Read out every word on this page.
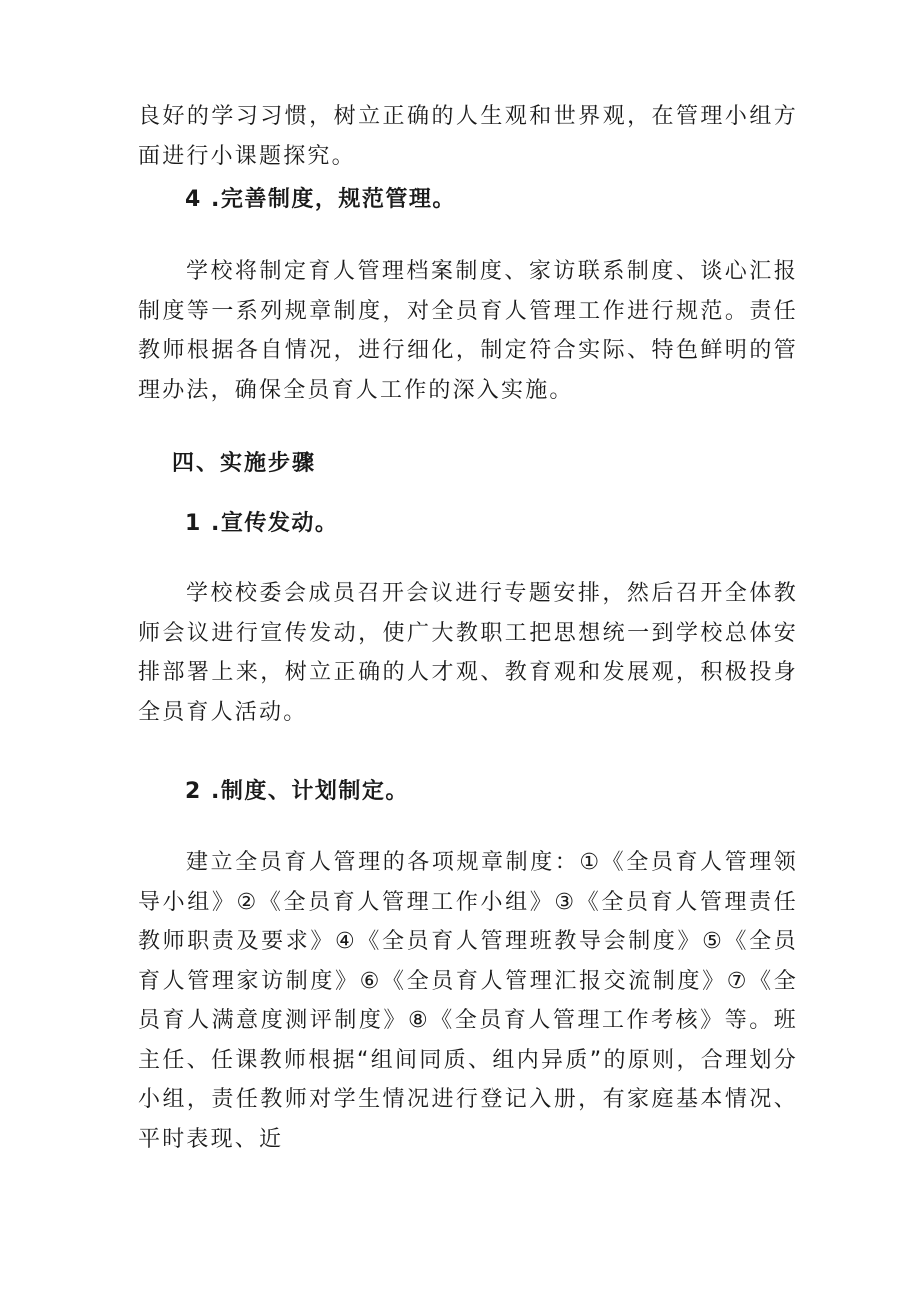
良好的学习习惯，树立正确的人生观和世界观，在管理小组方面进行小课题探究。

4 .完善制度，规范管理。

学校将制定育人管理档案制度、家访联系制度、谈心汇报制度等一系列规章制度，对全员育人管理工作进行规范。责任教师根据各自情况，进行细化，制定符合实际、特色鲜明的管理办法，确保全员育人工作的深入实施。

四、实施步骤

1 .宣传发动。

学校校委会成员召开会议进行专题安排，然后召开全体教师会议进行宣传发动，使广大教职工把思想统一到学校总体安排部署上来，树立正确的人才观、教育观和发展观，积极投身全员育人活动。

2 .制度、计划制定。

建立全员育人管理的各项规章制度：①《全员育人管理领导小组》②《全员育人管理工作小组》③《全员育人管理责任教师职责及要求》④《全员育人管理班教导会制度》⑤《全员育人管理家访制度》⑥《全员育人管理汇报交流制度》⑦《全员育人满意度测评制度》⑧《全员育人管理工作考核》等。班主任、任课教师根据“组间同质、组内异质”的原则，合理划分小组，责任教师对学生情况进行登记入册，有家庭基本情况、平时表现、近
